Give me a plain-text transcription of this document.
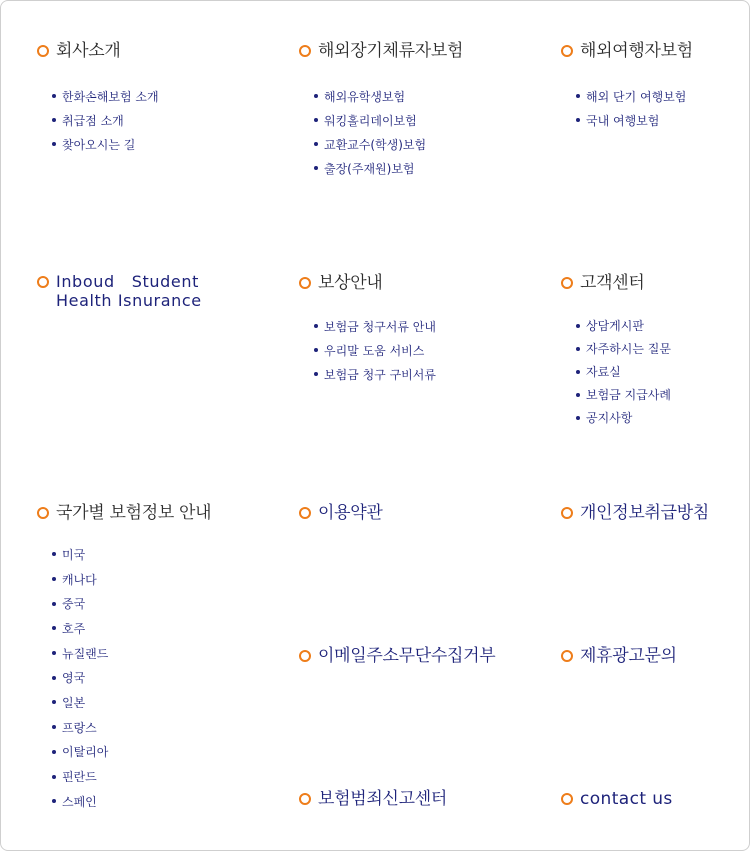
회사소개
한화손해보험 소개
취급점 소개
찾아오시는 길
해외장기체류자보험
해외유학생보험
워킹홀리데이보험
교환교수(학생)보험
출장(주재원)보험
해외여행자보험
해외 단기 여행보험
국내 여행보험
Inboud   Student
Health Isnurance
보상안내
보험금 청구서류 안내
우리말 도움 서비스
보험금 청구 구비서류
고객센터
상담게시판
자주하시는 질문
자료실
보험금 지급사례
공지사항
국가별 보험정보 안내
미국
캐나다
중국
호주
뉴질랜드
영국
일본
프랑스
이탈리아
핀란드
스페인
이용약관	개인정보취급방침
이메일주소무단수집거부	제휴광고문의
보험범죄신고센터	contact us
